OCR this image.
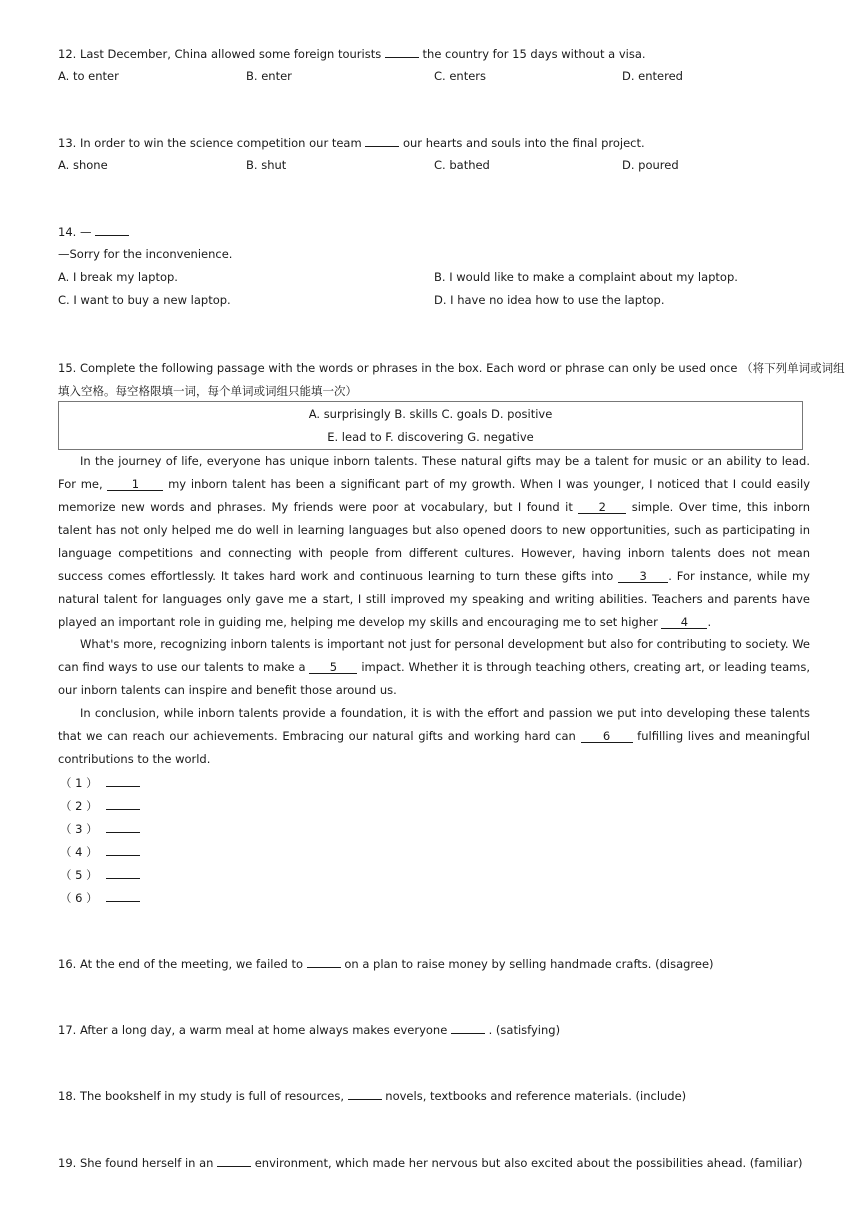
12. Last December, China allowed some foreign tourists	the country for 15 days without a visa.
A. to enter	B. enter	C. enters	D. entered
13. In order to win the science competition our team	our hearts and souls into the final project.
A. shone	B. shut	C. bathed	D. poured
14. —
—Sorry for the inconvenience.
A. I break my laptop.	B. I would like to make a complaint about my laptop.
C. I want to buy a new laptop.	D. I have no idea how to use the laptop.
15. Complete the following passage with the words or phrases in the box. Each word or phrase can only be used once （将下列单词或词组
填入空格。每空格限填一词，每个单词或词组只能填一次）
A. surprisingly B. skills C. goals D. positive
E. lead to F. discovering G. negative
In the journey of life, everyone has unique inborn talents. These natural gifts may be a talent for music or an ability to lead. For me,	1 my inborn talent has been a significant part of my growth. When I was younger, I noticed that I could easily memorize new words and phrases. My friends were poor at vocabulary, but I found it 2 simple. Over time, this inborn talent has not only helped me do well in learning languages but also opened doors to new opportunities, such as participating in language competitions and connecting with people from different cultures. However, having inborn talents does not mean success comes effortlessly. It takes hard work and continuous learning to turn these gifts into 3 . For instance, while my natural talent for languages only gave me a start, I still improved my speaking and writing abilities. Teachers and parents have played an important role in guiding me, helping me develop my skills and encouraging me to set higher 4 .
What's more, recognizing inborn talents is important not just for personal development but also for contributing to society. We can find ways to use our talents to make a 5 impact. Whether it is through teaching others, creating art, or leading teams, our inborn talents can inspire and benefit those around us.
In conclusion, while inborn talents provide a foundation, it is with the effort and passion we put into developing these talents that we can reach our achievements. Embracing our natural gifts and working hard can 6 fulfilling lives and meaningful contributions to the world.
（ 1 ）
（ 2 ）
（ 3 ）
（ 4 ）
（ 5 ）
（ 6 ）
16. At the end of the meeting, we failed to	on a plan to raise money by selling handmade crafts. (disagree)
17. After a long day, a warm meal at home always makes everyone	. (satisfying)
18. The bookshelf in my study is full of resources,	novels, textbooks and reference materials. (include)
19. She found herself in an	environment, which made her nervous but also excited about the possibilities ahead. (familiar)
